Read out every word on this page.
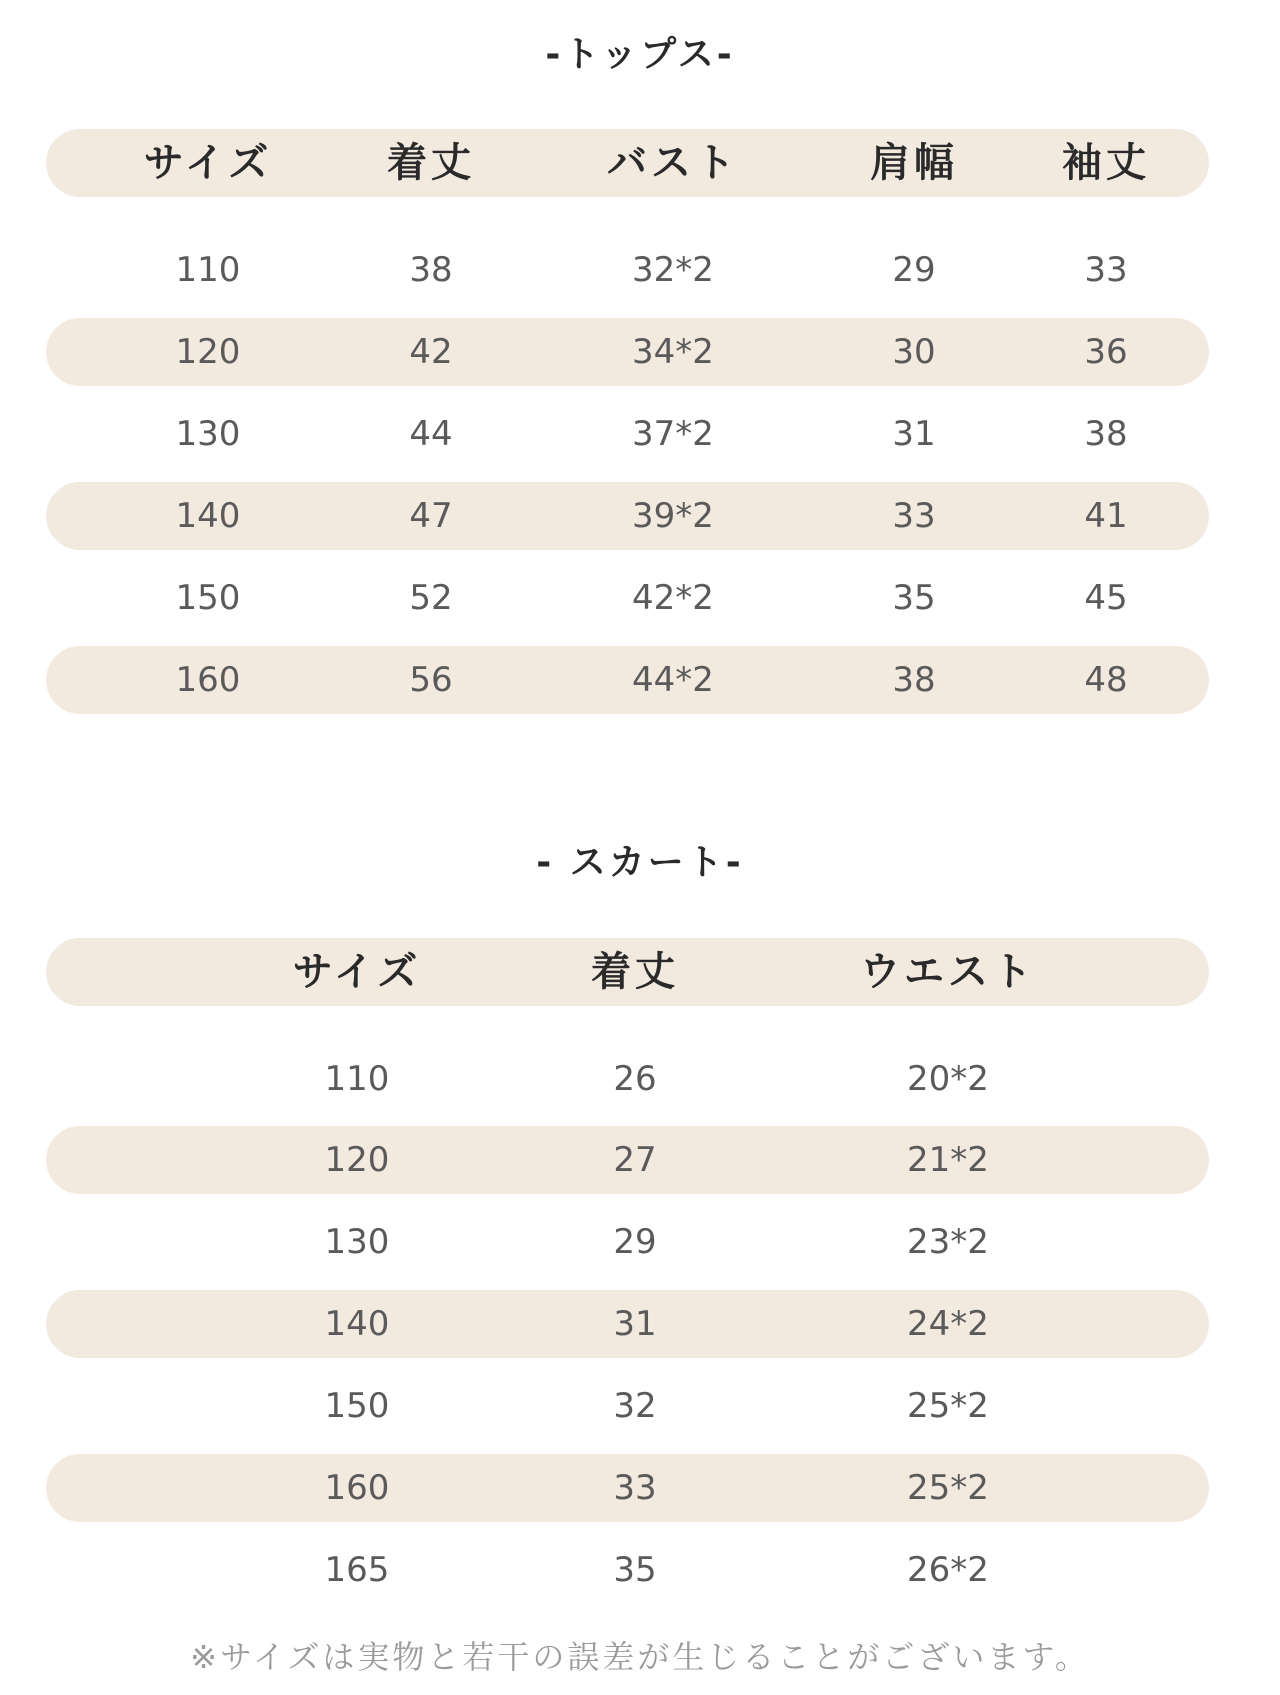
-トップス-
サイズ	着丈	バスト	肩幅	袖丈
110	38	32*2	29	33
120	42	34*2	30	36
130	44	37*2	31	38
140	47	39*2	33	41
150	52	42*2	35	45
160	56	44*2	38	48
- スカート-
サイズ	着丈	ウエスト
110	26	20*2
120	27	21*2
130	29	23*2
140	31	24*2
150	32	25*2
160	33	25*2
165	35	26*2
※サイズは実物と若干の誤差が生じることがございます。
